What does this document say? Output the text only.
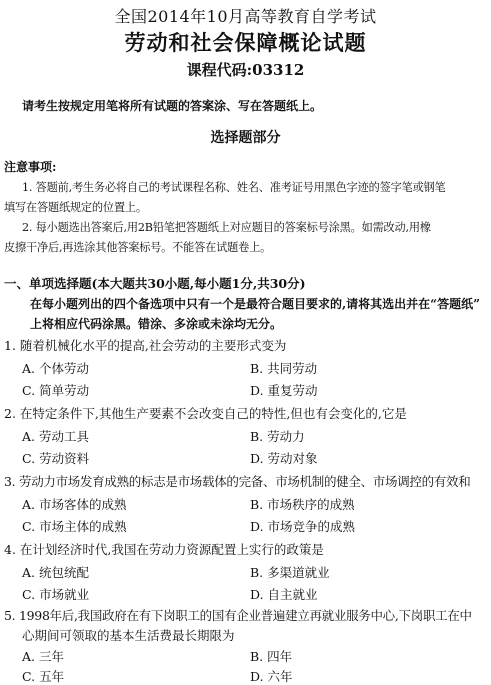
全国2014年10月高等教育自学考试
劳动和社会保障概论试题
课程代码:03312
请考生按规定用笔将所有试题的答案涂、写在答题纸上。
选择题部分
注意事项:
1. 答题前,考生务必将自己的考试课程名称、姓名、准考证号用黑色字迹的签字笔或钢笔
填写在答题纸规定的位置上。
2. 每小题选出答案后,用2B铅笔把答题纸上对应题目的答案标号涂黑。如需改动,用橡
皮擦干净后,再选涂其他答案标号。不能答在试题卷上。
一、单项选择题(本大题共30小题,每小题1分,共30分)
在每小题列出的四个备选项中只有一个是最符合题目要求的,请将其选出并在“答题纸”
上将相应代码涂黑。错涂、多涂或未涂均无分。
1. 随着机械化水平的提高,社会劳动的主要形式变为
A. 个体劳动	B. 共同劳动
C. 简单劳动	D. 重复劳动
2. 在特定条件下,其他生产要素不会改变自己的特性,但也有会变化的,它是
A. 劳动工具	B. 劳动力
C. 劳动资料	D. 劳动对象
3. 劳动力市场发育成熟的标志是市场载体的完备、市场机制的健全、市场调控的有效和
A. 市场客体的成熟	B. 市场秩序的成熟
C. 市场主体的成熟	D. 市场竞争的成熟
4. 在计划经济时代,我国在劳动力资源配置上实行的政策是
A. 统包统配	B. 多渠道就业
C. 市场就业	D. 自主就业
5. 1998年后,我国政府在有下岗职工的国有企业普遍建立再就业服务中心,下岗职工在中
心期间可领取的基本生活费最长期限为
A. 三年	B. 四年
C. 五年	D. 六年
